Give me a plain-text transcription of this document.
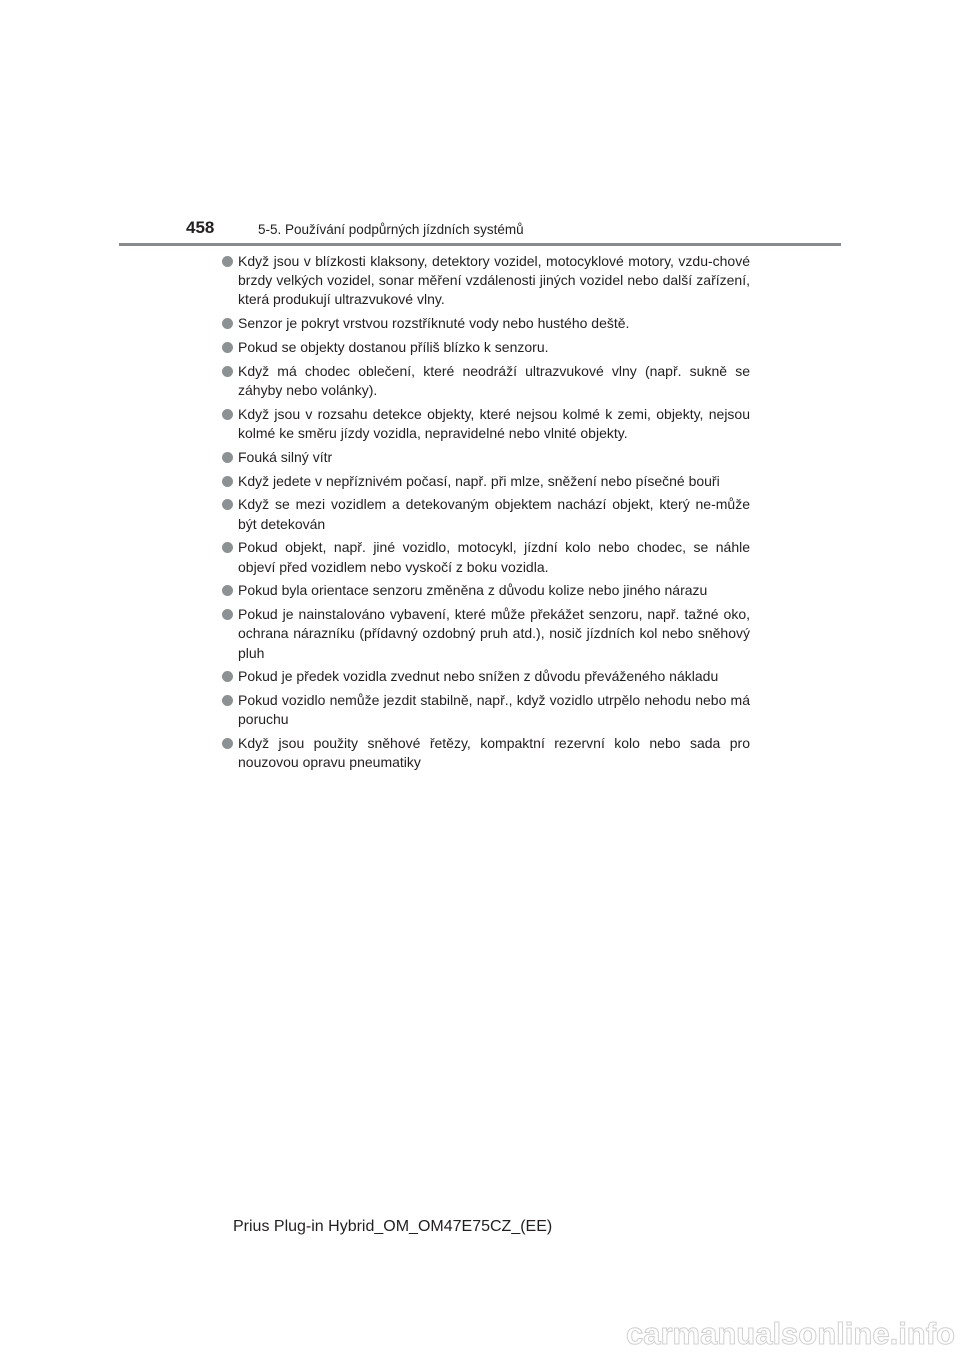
458	5-5. Používání podpůrných jízdních systémů
Když jsou v blízkosti klaksony, detektory vozidel, motocyklové motory, vzdu-chové brzdy velkých vozidel, sonar měření vzdálenosti jiných vozidel nebo další zařízení, která produkují ultrazvukové vlny.
Senzor je pokryt vrstvou rozstříknuté vody nebo hustého deště.
Pokud se objekty dostanou příliš blízko k senzoru.
Když má chodec oblečení, které neodráží ultrazvukové vlny (např. sukně se záhyby nebo volánky).
Když jsou v rozsahu detekce objekty, které nejsou kolmé k zemi, objekty, nejsou kolmé ke směru jízdy vozidla, nepravidelné nebo vlnité objekty.
Fouká silný vítr
Když jedete v nepříznivém počasí, např. při mlze, sněžení nebo písečné bouři
Když se mezi vozidlem a detekovaným objektem nachází objekt, který ne-může být detekován
Pokud objekt, např. jiné vozidlo, motocykl, jízdní kolo nebo chodec, se náhle objeví před vozidlem nebo vyskočí z boku vozidla.
Pokud byla orientace senzoru změněna z důvodu kolize nebo jiného nárazu
Pokud je nainstalováno vybavení, které může překážet senzoru, např. tažné oko, ochrana nárazníku (přídavný ozdobný pruh atd.), nosič jízdních kol nebo sněhový pluh
Pokud je předek vozidla zvednut nebo snížen z důvodu převáženého nákladu
Pokud vozidlo nemůže jezdit stabilně, např., když vozidlo utrpělo nehodu nebo má poruchu
Když jsou použity sněhové řetězy, kompaktní rezervní kolo nebo sada pro nouzovou opravu pneumatiky
Prius Plug-in Hybrid_OM_OM47E75CZ_(EE)
carmanualsonline.info
